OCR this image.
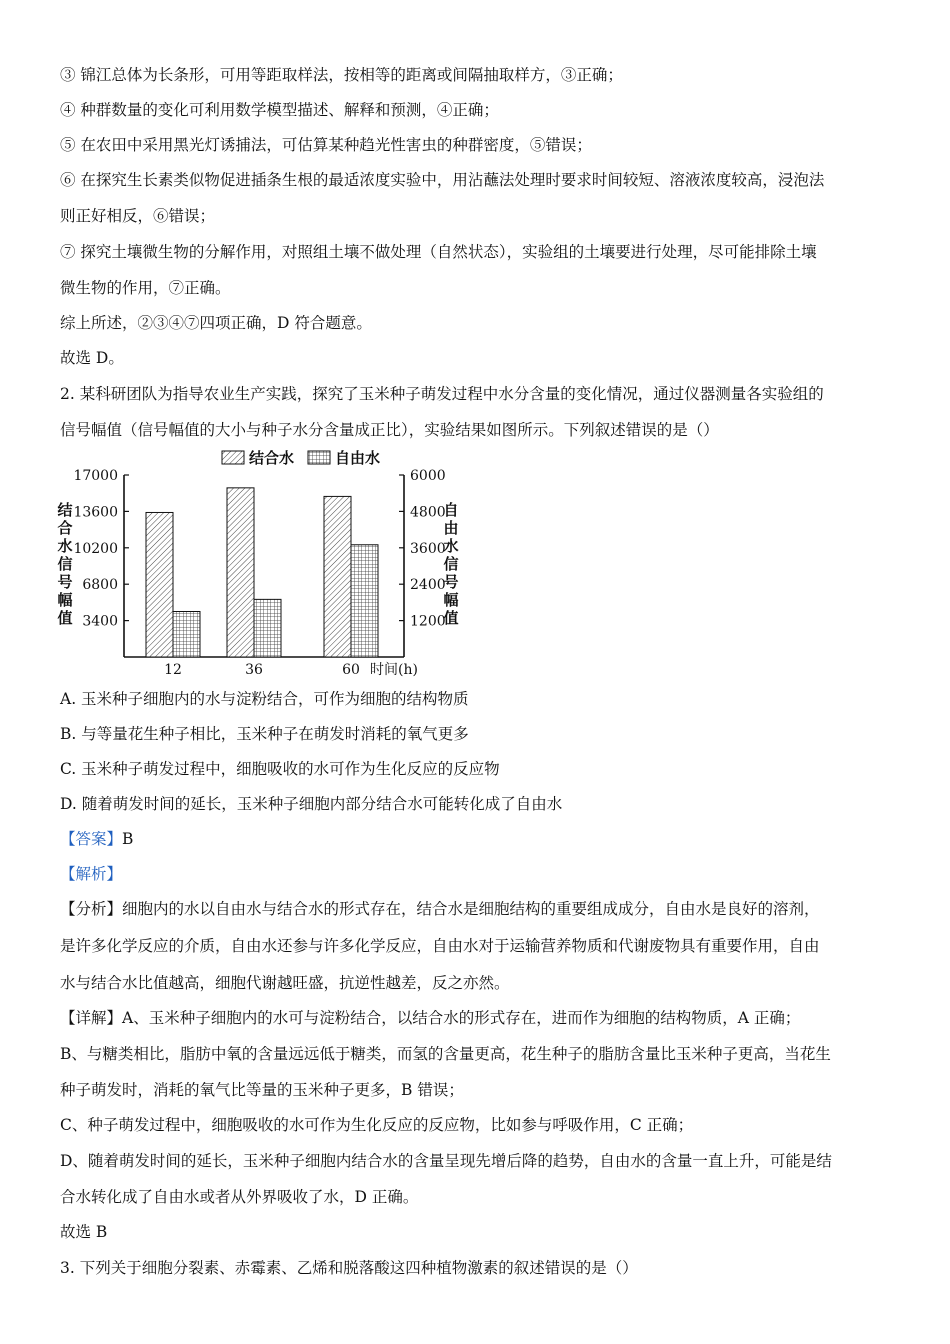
③ 锦江总体为长条形，可用等距取样法，按相等的距离或间隔抽取样方，③正确；
④ 种群数量的变化可利用数学模型描述、解释和预测，④正确；
⑤ 在农田中采用黑光灯诱捕法，可估算某种趋光性害虫的种群密度，⑤错误；
⑥ 在探究生长素类似物促进插条生根的最适浓度实验中，用沾蘸法处理时要求时间较短、溶液浓度较高，浸泡法
则正好相反，⑥错误；
⑦ 探究土壤微生物的分解作用，对照组土壤不做处理（自然状态），实验组的土壤要进行处理，尽可能排除土壤
微生物的作用，⑦正确。
综上所述，②③④⑦四项正确，D 符合题意。
故选 D。
2. 某科研团队为指导农业生产实践，探究了玉米种子萌发过程中水分含量的变化情况，通过仪器测量各实验组的
信号幅值（信号幅值的大小与种子水分含量成正比），实验结果如图所示。下列叙述错误的是（）
结合水	自由水
17000
13600
10200
6800
3400
6000
4800
3600
2400
1200
结
合
水
信
号
幅
值
自
由
水
信
号
幅
值
12	36	60 时间(h)
A. 玉米种子细胞内的水与淀粉结合，可作为细胞的结构物质
B. 与等量花生种子相比，玉米种子在萌发时消耗的氧气更多
C. 玉米种子萌发过程中，细胞吸收的水可作为生化反应的反应物
D. 随着萌发时间的延长，玉米种子细胞内部分结合水可能转化成了自由水
【答案】B
【解析】
【分析】细胞内的水以自由水与结合水的形式存在，结合水是细胞结构的重要组成成分，自由水是良好的溶剂，
是许多化学反应的介质，自由水还参与许多化学反应，自由水对于运输营养物质和代谢废物具有重要作用，自由
水与结合水比值越高，细胞代谢越旺盛，抗逆性越差，反之亦然。
【详解】A、玉米种子细胞内的水可与淀粉结合，以结合水的形式存在，进而作为细胞的结构物质，A 正确；
B、与糖类相比，脂肪中氧的含量远远低于糖类，而氢的含量更高，花生种子的脂肪含量比玉米种子更高，当花生
种子萌发时，消耗的氧气比等量的玉米种子更多，B 错误；
C、种子萌发过程中，细胞吸收的水可作为生化反应的反应物，比如参与呼吸作用，C 正确；
D、随着萌发时间的延长，玉米种子细胞内结合水的含量呈现先增后降的趋势，自由水的含量一直上升，可能是结
合水转化成了自由水或者从外界吸收了水，D 正确。
故选 B
3. 下列关于细胞分裂素、赤霉素、乙烯和脱落酸这四种植物激素的叙述错误的是（）
